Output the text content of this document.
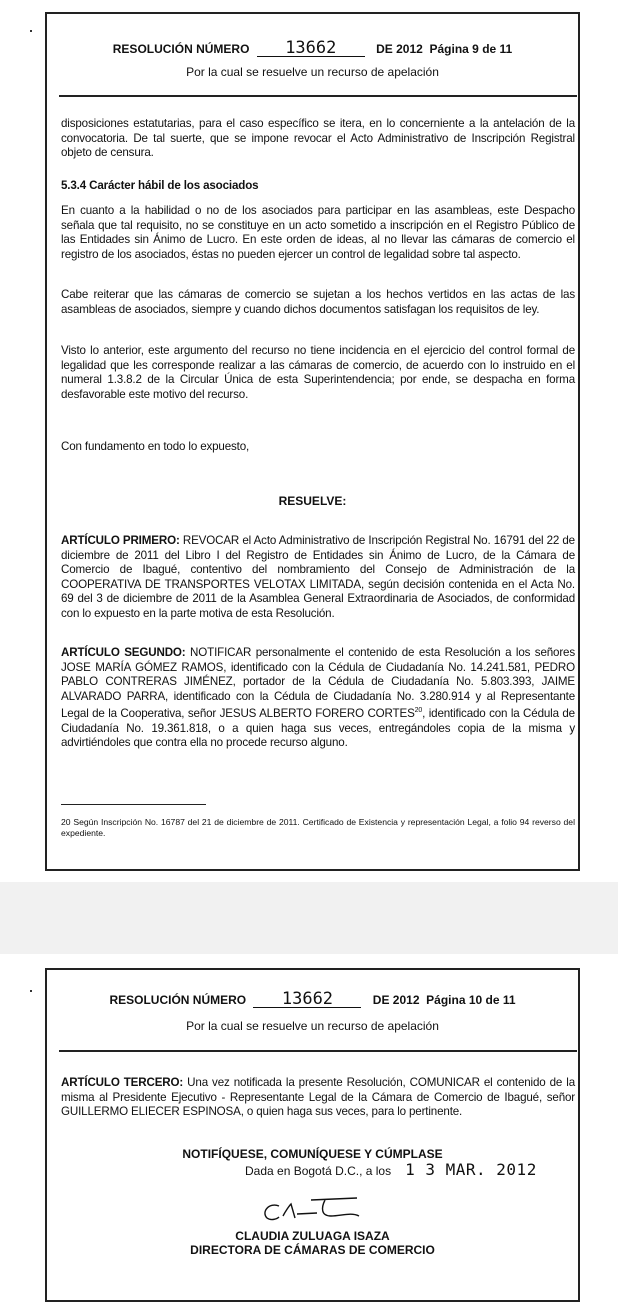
RESOLUCIÓN NÚMERO 13662	DE 2012 Página 9 de 11
Por la cual se resuelve un recurso de apelación
disposiciones estatutarias, para el caso específico se itera, en lo concerniente a la antelación de la convocatoria. De tal suerte, que se impone revocar el Acto Administrativo de Inscripción Registral objeto de censura.
5.3.4 Carácter hábil de los asociados
En cuanto a la habilidad o no de los asociados para participar en las asambleas, este Despacho señala que tal requisito, no se constituye en un acto sometido a inscripción en el Registro Público de las Entidades sin Ánimo de Lucro. En este orden de ideas, al no llevar las cámaras de comercio el registro de los asociados, éstas no pueden ejercer un control de legalidad sobre tal aspecto.
Cabe reiterar que las cámaras de comercio se sujetan a los hechos vertidos en las actas de las asambleas de asociados, siempre y cuando dichos documentos satisfagan los requisitos de ley.
Visto lo anterior, este argumento del recurso no tiene incidencia en el ejercicio del control formal de legalidad que les corresponde realizar a las cámaras de comercio, de acuerdo con lo instruido en el numeral 1.3.8.2 de la Circular Única de esta Superintendencia; por ende, se despacha en forma desfavorable este motivo del recurso.
Con fundamento en todo lo expuesto,
RESUELVE:
ARTÍCULO PRIMERO: REVOCAR el Acto Administrativo de Inscripción Registral No. 16791 del 22 de diciembre de 2011 del Libro I del Registro de Entidades sin Ánimo de Lucro, de la Cámara de Comercio de Ibagué, contentivo del nombramiento del Consejo de Administración de la COOPERATIVA DE TRANSPORTES VELOTAX LIMITADA, según decisión contenida en el Acta No. 69 del 3 de diciembre de 2011 de la Asamblea General Extraordinaria de Asociados, de conformidad con lo expuesto en la parte motiva de esta Resolución.
ARTÍCULO SEGUNDO: NOTIFICAR personalmente el contenido de esta Resolución a los señores JOSE MARÍA GÓMEZ RAMOS, identificado con la Cédula de Ciudadanía No. 14.241.581, PEDRO PABLO CONTRERAS JIMÉNEZ, portador de la Cédula de Ciudadanía No. 5.803.393, JAIME ALVARADO PARRA, identificado con la Cédula de Ciudadanía No. 3.280.914 y al Representante Legal de la Cooperativa, señor JESUS ALBERTO FORERO CORTES$^{20}$, identificado con la Cédula de Ciudadanía No. 19.361.818, o a quien haga sus veces, entregándoles copia de la misma y advirtiéndoles que contra ella no procede recurso alguno.
20 Según Inscripción No. 16787 del 21 de diciembre de 2011. Certificado de Existencia y representación Legal, a folio 94 reverso del expediente.
RESOLUCIÓN NÚMERO 13662	DE 2012 Página 10 de 11
Por la cual se resuelve un recurso de apelación
ARTÍCULO TERCERO: Una vez notificada la presente Resolución, COMUNICAR el contenido de la misma al Presidente Ejecutivo - Representante Legal de la Cámara de Comercio de Ibagué, señor GUILLERMO ELIECER ESPINOSA, o quien haga sus veces, para lo pertinente.
NOTIFÍQUESE, COMUNÍQUESE Y CÚMPLASE
Dada en Bogotá D.C., a los 1 3 MAR. 2012
CLAUDIA ZULUAGA ISAZA
DIRECTORA DE CÁMARAS DE COMERCIO
